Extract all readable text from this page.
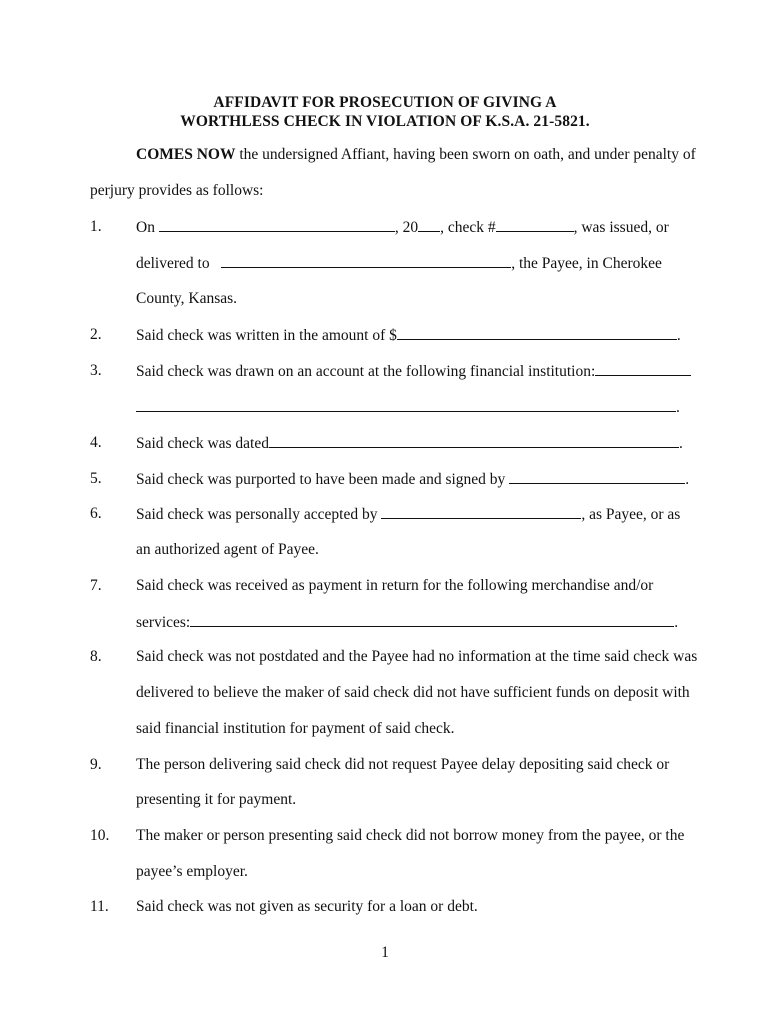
AFFIDAVIT FOR PROSECUTION OF GIVING A
WORTHLESS CHECK IN VIOLATION OF K.S.A. 21-5821.
COMES NOW the undersigned Affiant, having been sworn on oath, and under penalty of
perjury provides as follows:
1. On	, 20 , check #	, was issued, or
delivered to	, the Payee, in Cherokee
County, Kansas.
2. Said check was written in the amount of $	.
3. Said check was drawn on an account at the following financial institution:
.
4. Said check was dated	.
5. Said check was purported to have been made and signed by	.
6. Said check was personally accepted by	, as Payee, or as
an authorized agent of Payee.
7. Said check was received as payment in return for the following merchandise and/or
services:	.
8. Said check was not postdated and the Payee had no information at the time said check was
delivered to believe the maker of said check did not have sufficient funds on deposit with
said financial institution for payment of said check.
9. The person delivering said check did not request Payee delay depositing said check or
presenting it for payment.
10. The maker or person presenting said check did not borrow money from the payee, or the
payee’s employer.
11. Said check was not given as security for a loan or debt.
1
